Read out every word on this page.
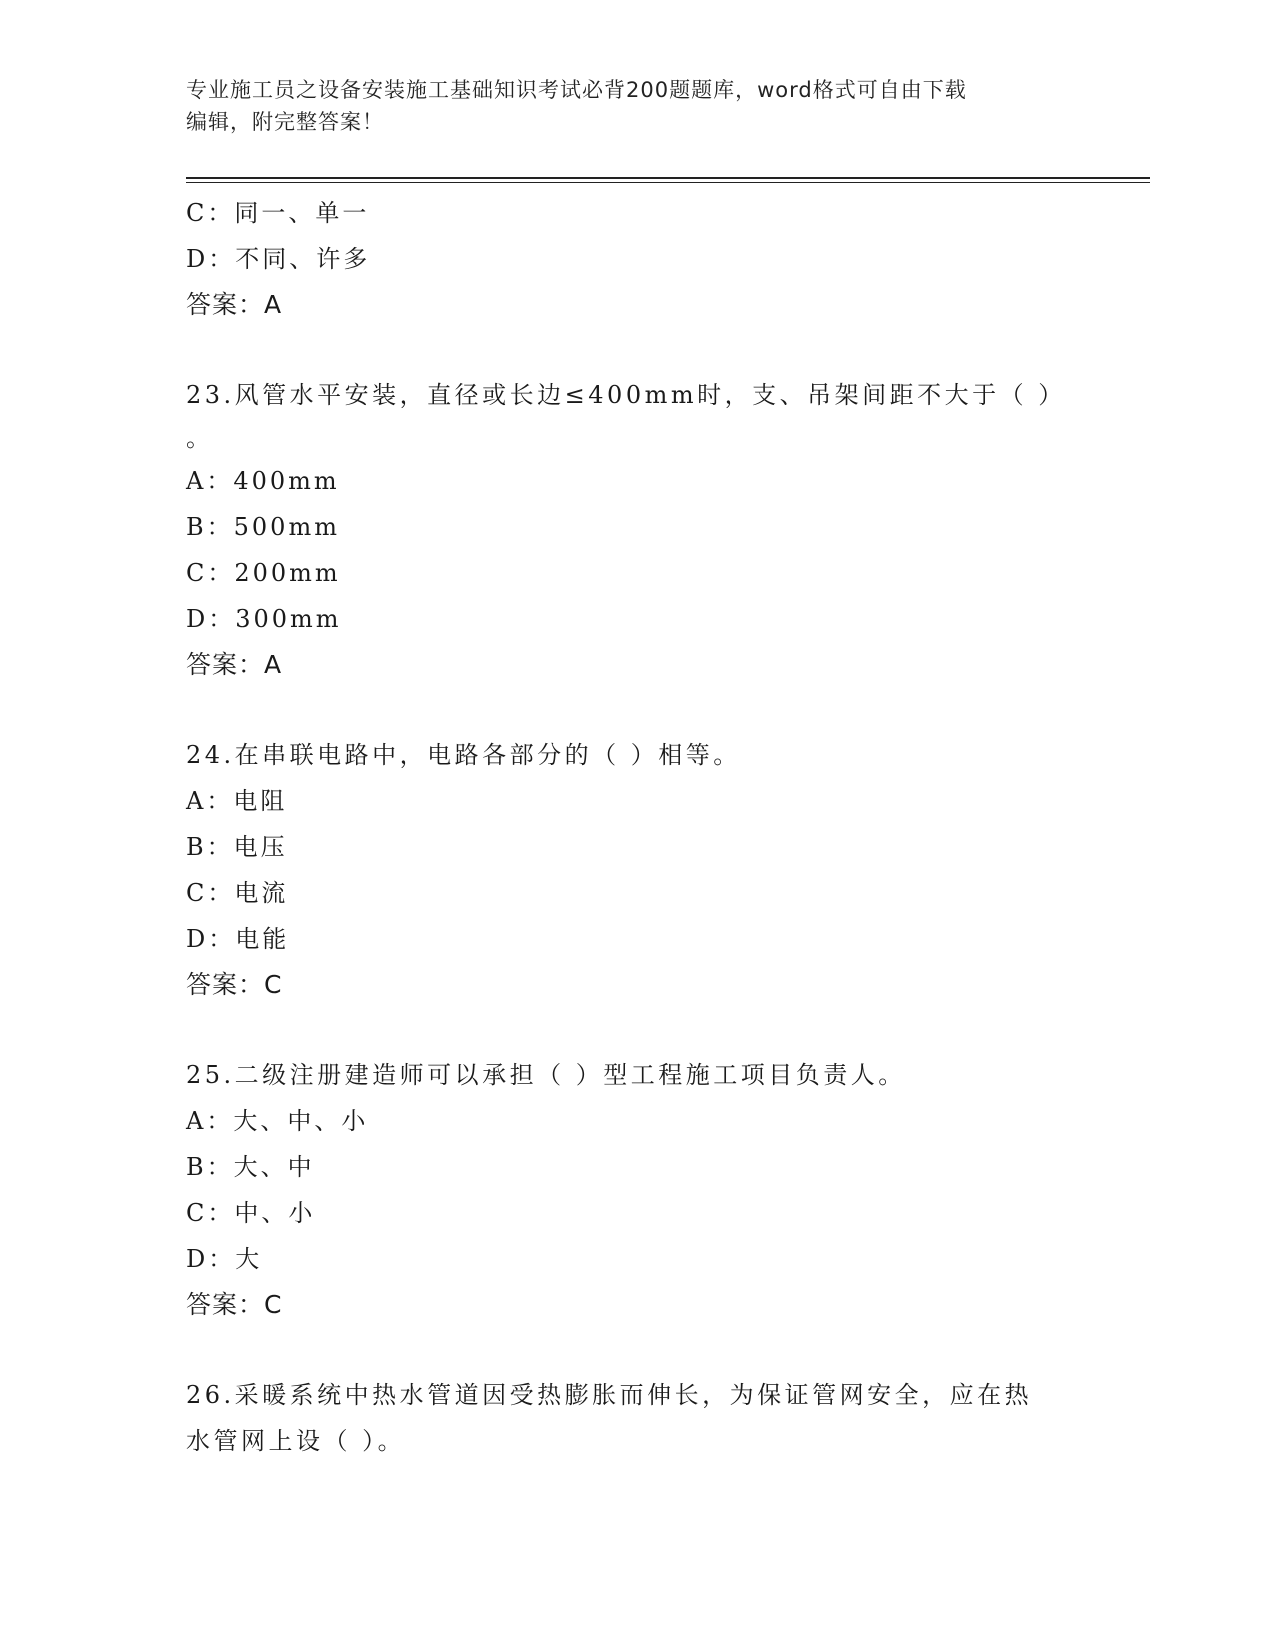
专业施工员之设备安装施工基础知识考试必背200题题库，word格式可自由下载
编辑，附完整答案！
C：同一、单一
D：不同、许多
答案：A
23.风管水平安装，直径或长边≤400mm时，支、吊架间距不大于（ ）
。
A：400mm
B：500mm
C：200mm
D：300mm
答案：A
24.在串联电路中，电路各部分的（ ）相等。
A：电阻
B：电压
C：电流
D：电能
答案：C
25.二级注册建造师可以承担（ ）型工程施工项目负责人。
A：大、中、小
B：大、中
C：中、小
D：大
答案：C
26.采暖系统中热水管道因受热膨胀而伸长，为保证管网安全，应在热
水管网上设（ ）。
